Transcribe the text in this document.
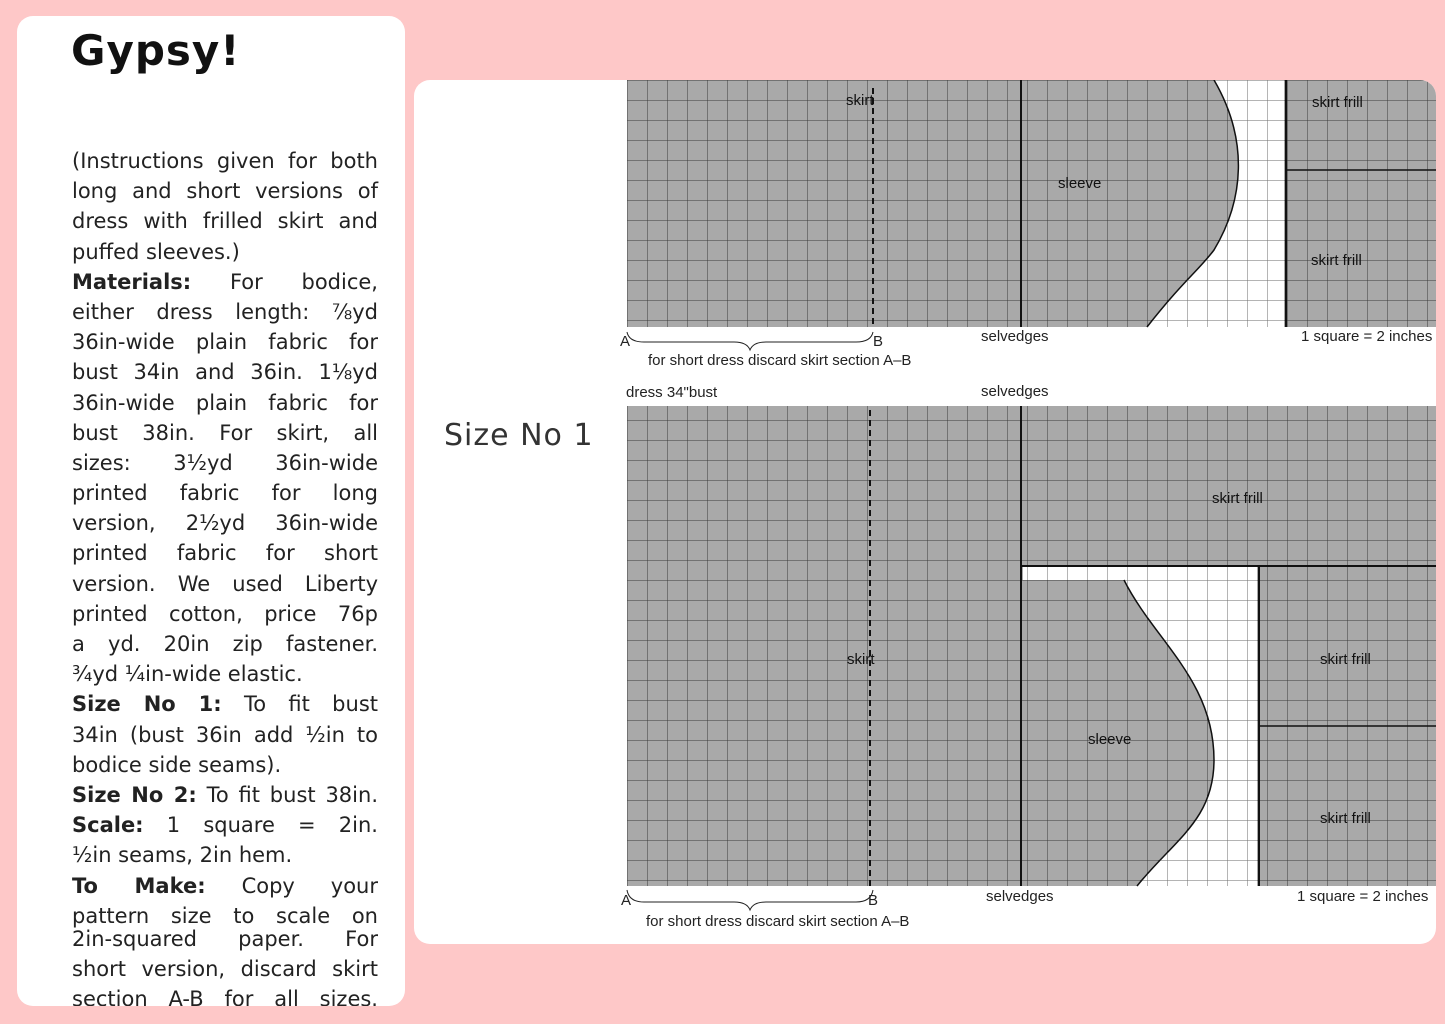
Gypsy!
(Instructions given for both
long and short versions of
dress with frilled skirt and
puffed sleeves.)
Materials: For bodice,
either dress length: ⅞yd
36in-wide plain fabric for
bust 34in and 36in. 1⅛yd
36in-wide plain fabric for
bust 38in. For skirt, all
sizes: 3½yd 36in-wide
printed fabric for long
version, 2½yd 36in-wide
printed fabric for short
version. We used Liberty
printed cotton, price 76p
a yd. 20in zip fastener.
¾yd ¼in-wide elastic.
Size No 1: To fit bust
34in (bust 36in add ½in to
bodice side seams).
Size No 2: To fit bust 38in.
Scale: 1 square = 2in.
½in seams, 2in hem.
To Make: Copy your
pattern size to scale on
2in-squared paper. For
short version, discard skirt
section A-B for all sizes.
Size No 1
skirt
sleeve
skirt frill
skirt frill
A	B	selvedges	1 square = 2 inches
for short dress discard skirt section A–B
dress 34"bust	selvedges
skirt frill
skirt	skirt frill
sleeve
skirt frill
A	B	selvedges	1 square = 2 inches
for short dress discard skirt section A–B
